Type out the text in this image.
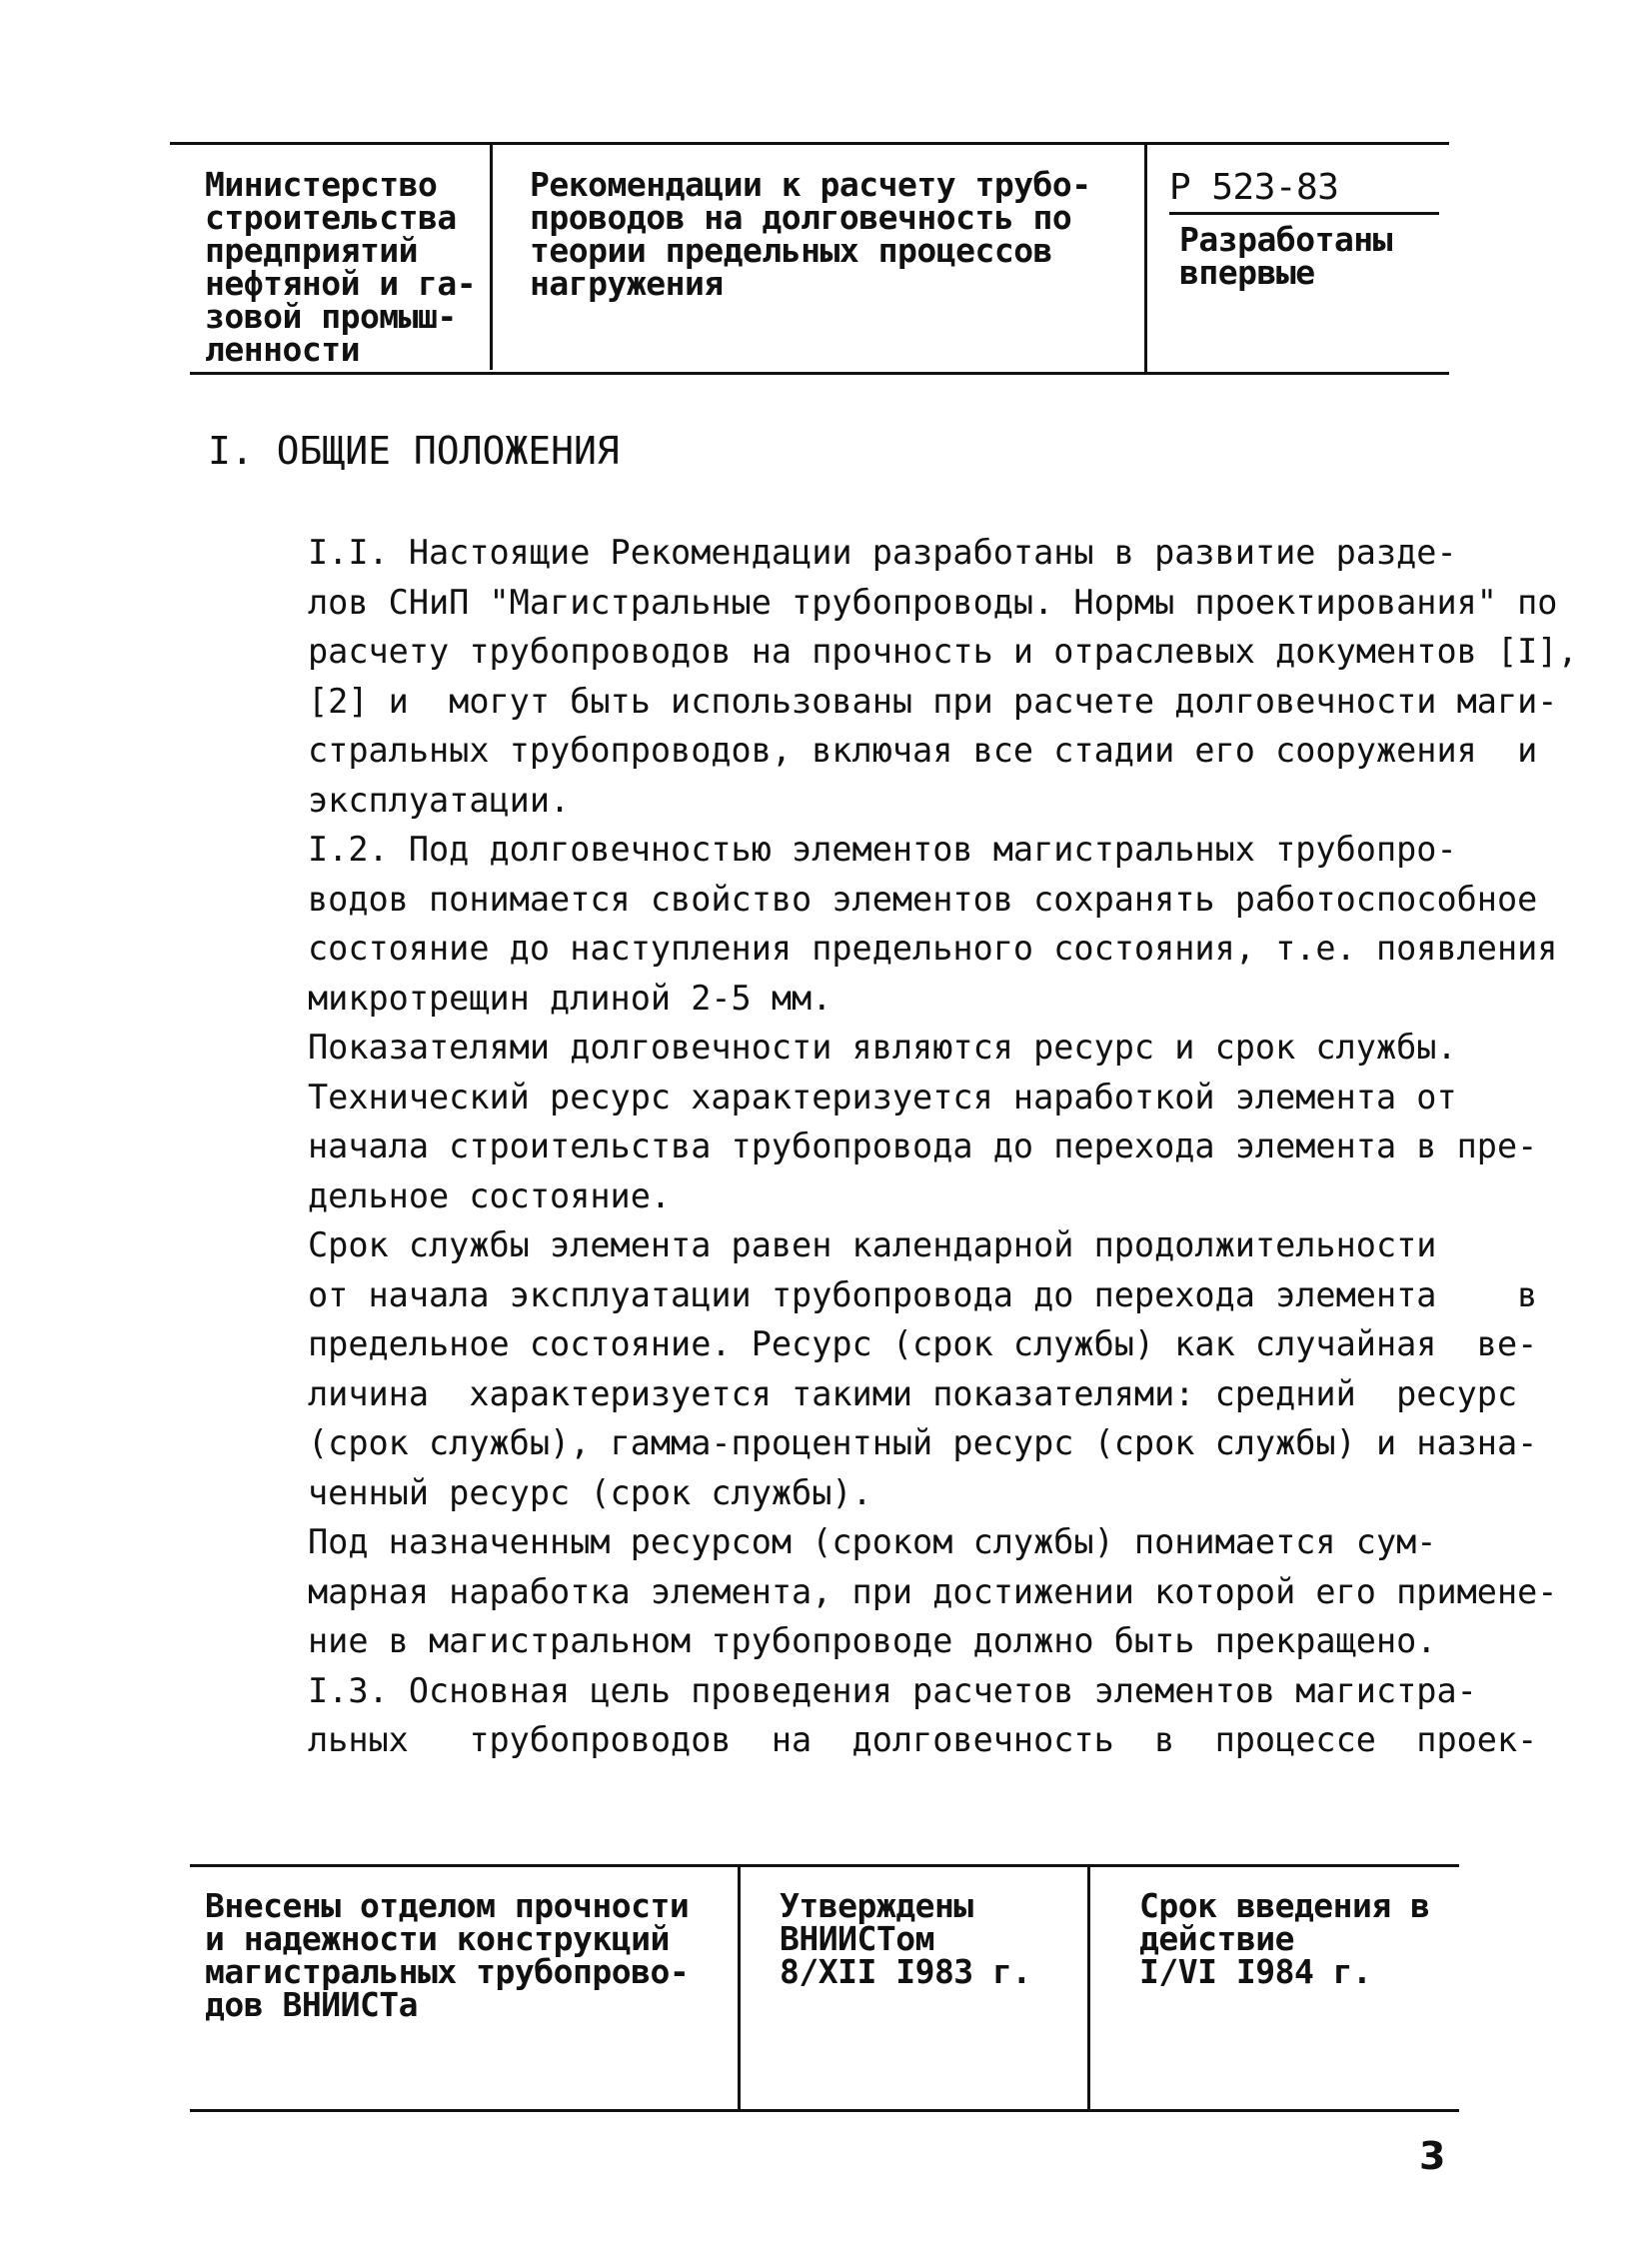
Министерство
строительства
предприятий
нефтяной и га-
зовой промыш-
ленности
Рекомендации к расчету трубо-
проводов на долговечность по
теории предельных процессов
нагружения
Р 523-83
Разработаны
впервые
I. ОБЩИЕ ПОЛОЖЕНИЯ

I.I. Настоящие Рекомендации разработаны в развитие разде-
лов СНиП "Магистральные трубопроводы. Нормы проектирования" по
расчету трубопроводов на прочность и отраслевых документов [I],
[2] и  могут быть использованы при расчете долговечности маги-
стральных трубопроводов, включая все стадии его сооружения  и
эксплуатации.

I.2. Под долговечностью элементов магистральных трубопро-
водов понимается свойство элементов сохранять работоспособное
состояние до наступления предельного состояния, т.е. появления
микротрещин длиной 2-5 мм.

Показателями долговечности являются ресурс и срок службы.

Технический ресурс характеризуется наработкой элемента от
начала строительства трубопровода до перехода элемента в пре-
дельное состояние.

Срок службы элемента равен календарной продолжительности
от начала эксплуатации трубопровода до перехода элемента    в
предельное состояние. Ресурс (срок службы) как случайная  ве-
личина  характеризуется такими показателями: средний  ресурс
(срок службы), гамма-процентный ресурс (срок службы) и назна-
ченный ресурс (срок службы).

Под назначенным ресурсом (сроком службы) понимается сум-
марная наработка элемента, при достижении которой его примене-
ние в магистральном трубопроводе должно быть прекращено.

I.3. Основная цель проведения расчетов элементов магистра-
льных   трубопроводов  на  долговечность  в  процессе  проек-

Внесены отделом прочности
и надежности конструкций
магистральных трубопрово-
дов ВНИИСТа
Утверждены
ВНИИСТом
8/XII I983 г.
Срок введения в
действие
I/VI I984 г.
3
